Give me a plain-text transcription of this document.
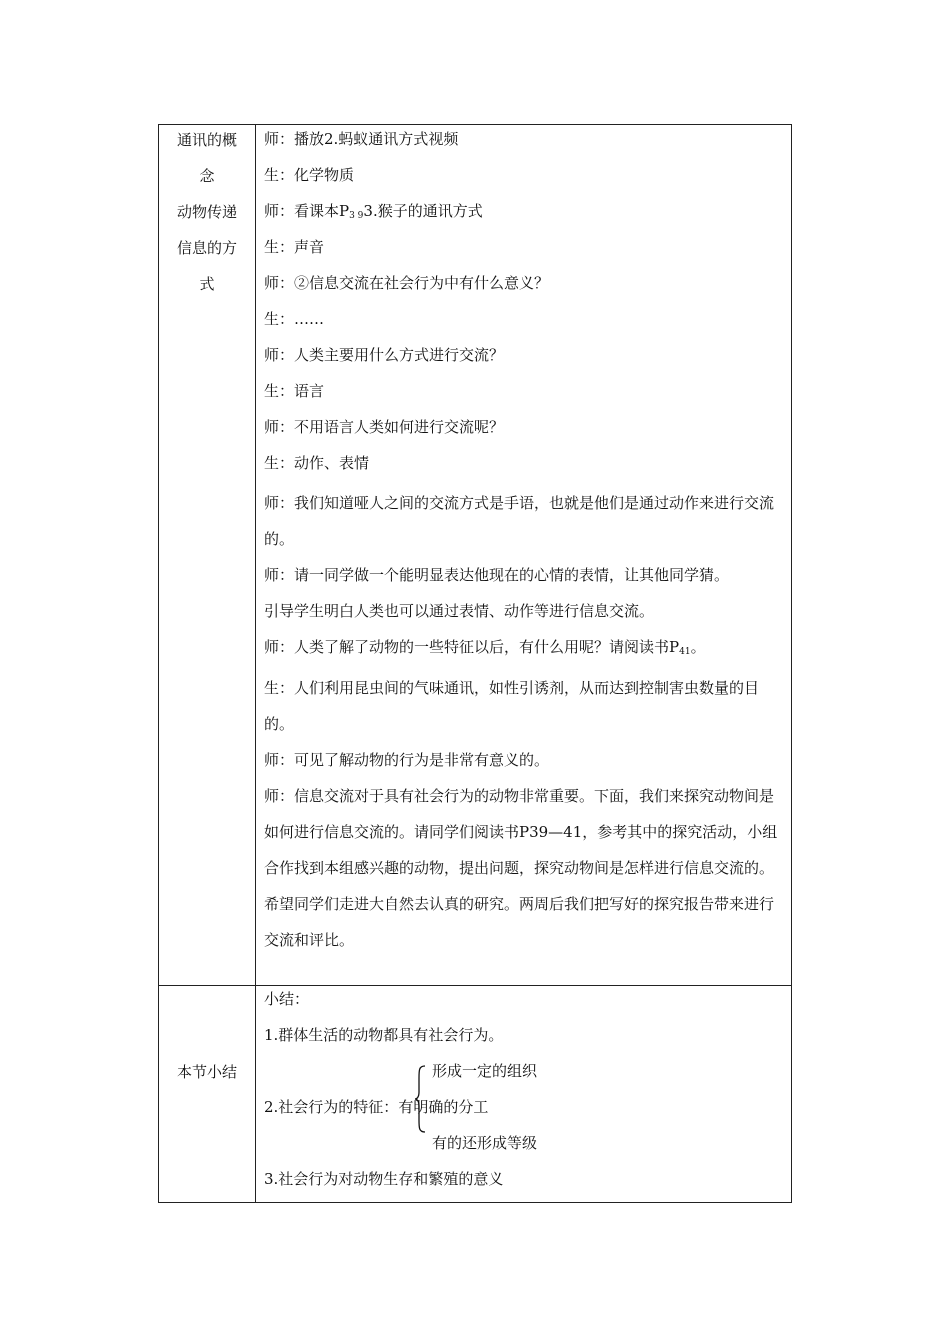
通讯的概
念
动物传递
信息的方
式
师：播放2.蚂蚁通讯方式视频
生：化学物质
师：看课本$P_{3 9}3$.猴子的通讯方式
生：声音
师：②信息交流在社会行为中有什么意义？
生：……
师：人类主要用什么方式进行交流？
生：语言
师：不用语言人类如何进行交流呢？
生：动作、表情
师：我们知道哑人之间的交流方式是手语，也就是他们是通过动作来进行交流的。
师：请一同学做一个能明显表达他现在的心情的表情，让其他同学猜。
引导学生明白人类也可以通过表情、动作等进行信息交流。
师：人类了解了动物的一些特征以后，有什么用呢？请阅读书$P_{41}$。
生：人们利用昆虫间的气味通讯，如性引诱剂，从而达到控制害虫数量的目的。
师：可见了解动物的行为是非常有意义的。
师：信息交流对于具有社会行为的动物非常重要。下面，我们来探究动物间是如何进行信息交流的。请同学们阅读书P39—41，参考其中的探究活动，小组合作找到本组感兴趣的动物，提出问题，探究动物间是怎样进行信息交流的。希望同学们走进大自然去认真的研究。两周后我们把写好的探究报告带来进行交流和评比。
本节小结
小结：
1.群体生活的动物都具有社会行为。
形成一定的组织
2.社会行为的特征：有明确的分工
有的还形成等级
3.社会行为对动物生存和繁殖的意义
